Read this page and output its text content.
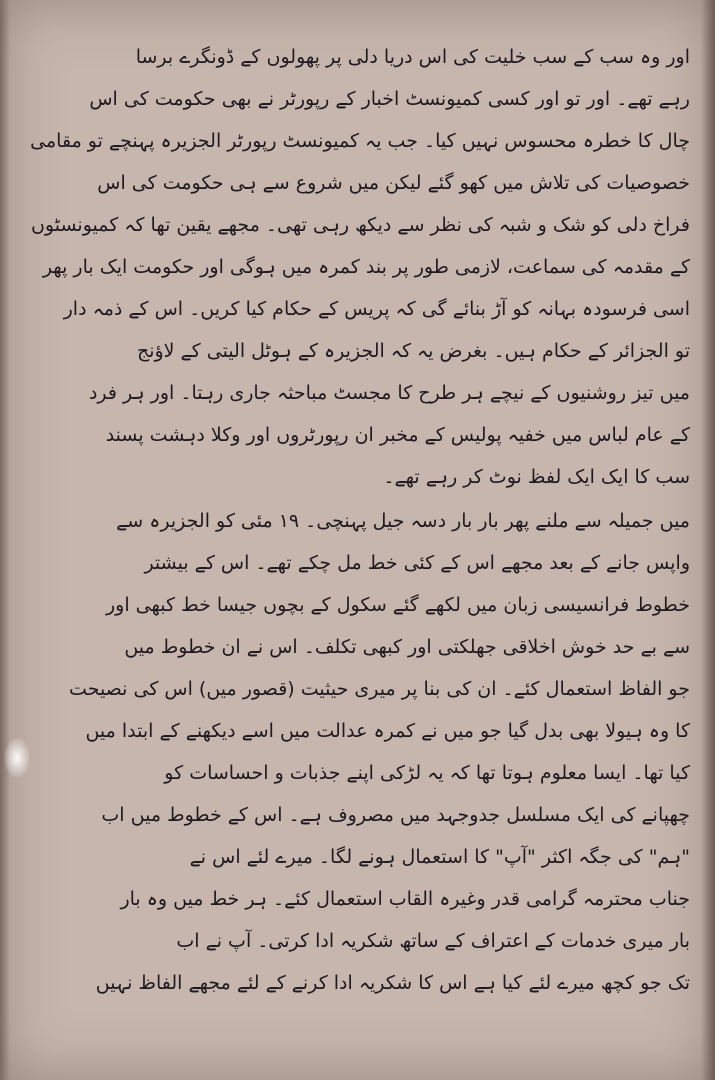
اور وہ سب کے سب خلیت کی اس دریا دلی پر پھولوں کے ڈونگرے برسا
رہے تھے۔ اور تو اور کسی کمیونسٹ اخبار کے رپورٹر نے بھی حکومت کی اس
چال کا خطرہ محسوس نہیں کیا۔ جب یہ کمیونسٹ رپورٹر الجزیرہ پہنچے تو مقامی
خصوصیات کی تلاش میں کھو گئے لیکن میں شروع سے ہی حکومت کی اس
فراخ دلی کو شک و شبہ کی نظر سے دیکھ رہی تھی۔ مجھے یقین تھا کہ کمیونسٹوں
کے مقدمہ کی سماعت، لازمی طور پر بند کمرہ میں ہوگی اور حکومت ایک بار پھر
اسی فرسودہ بہانہ کو آڑ بنائے گی کہ پریس کے حکام کیا کریں۔ اس کے ذمہ دار
تو الجزائر کے حکام ہیں۔ بغرض یہ کہ الجزیرہ کے ہوٹل الیتی کے لاؤنج
میں تیز روشنیوں کے نیچے ہر طرح کا مجسٹ مباحثہ جاری رہتا۔ اور ہر فرد
کے عام لباس میں خفیہ پولیس کے مخبر ان رپورٹروں اور وکلا دہشت پسند
سب کا ایک ایک لفظ نوٹ کر رہے تھے۔
میں جمیلہ سے ملنے پھر بار بار دسہ جیل پہنچی۔ ۱۹ مئی کو الجزیرہ سے
واپس جانے کے بعد مجھے اس کے کئی خط مل چکے تھے۔ اس کے بیشتر
خطوط فرانسیسی زبان میں لکھے گئے سکول کے بچوں جیسا خط کبھی اور
سے بے حد خوش اخلاقی جھلکتی اور کبھی تکلف۔ اس نے ان خطوط میں
جو الفاظ استعمال کئے۔ ان کی بنا پر میری حیثیت (قصور میں) اس کی نصیحت
کا وہ ہیولا بھی بدل گیا جو میں نے کمرہ عدالت میں اسے دیکھنے کے ابتدا میں
کیا تھا۔ ایسا معلوم ہوتا تھا کہ یہ لڑکی اپنے جذبات و احساسات کو
چھپانے کی ایک مسلسل جدوجہد میں مصروف ہے۔ اس کے خطوط میں اب
"ہم" کی جگہ اکثر "آپ" کا استعمال ہونے لگا۔ میرے لئے اس نے
جناب محترمہ گرامی قدر وغیرہ القاب استعمال کئے۔ ہر خط میں وہ بار
بار میری خدمات کے اعتراف کے ساتھ شکریہ ادا کرتی۔ آپ نے اب
تک جو کچھ میرے لئے کیا ہے اس کا شکریہ ادا کرنے کے لئے مجھے الفاظ نہیں
